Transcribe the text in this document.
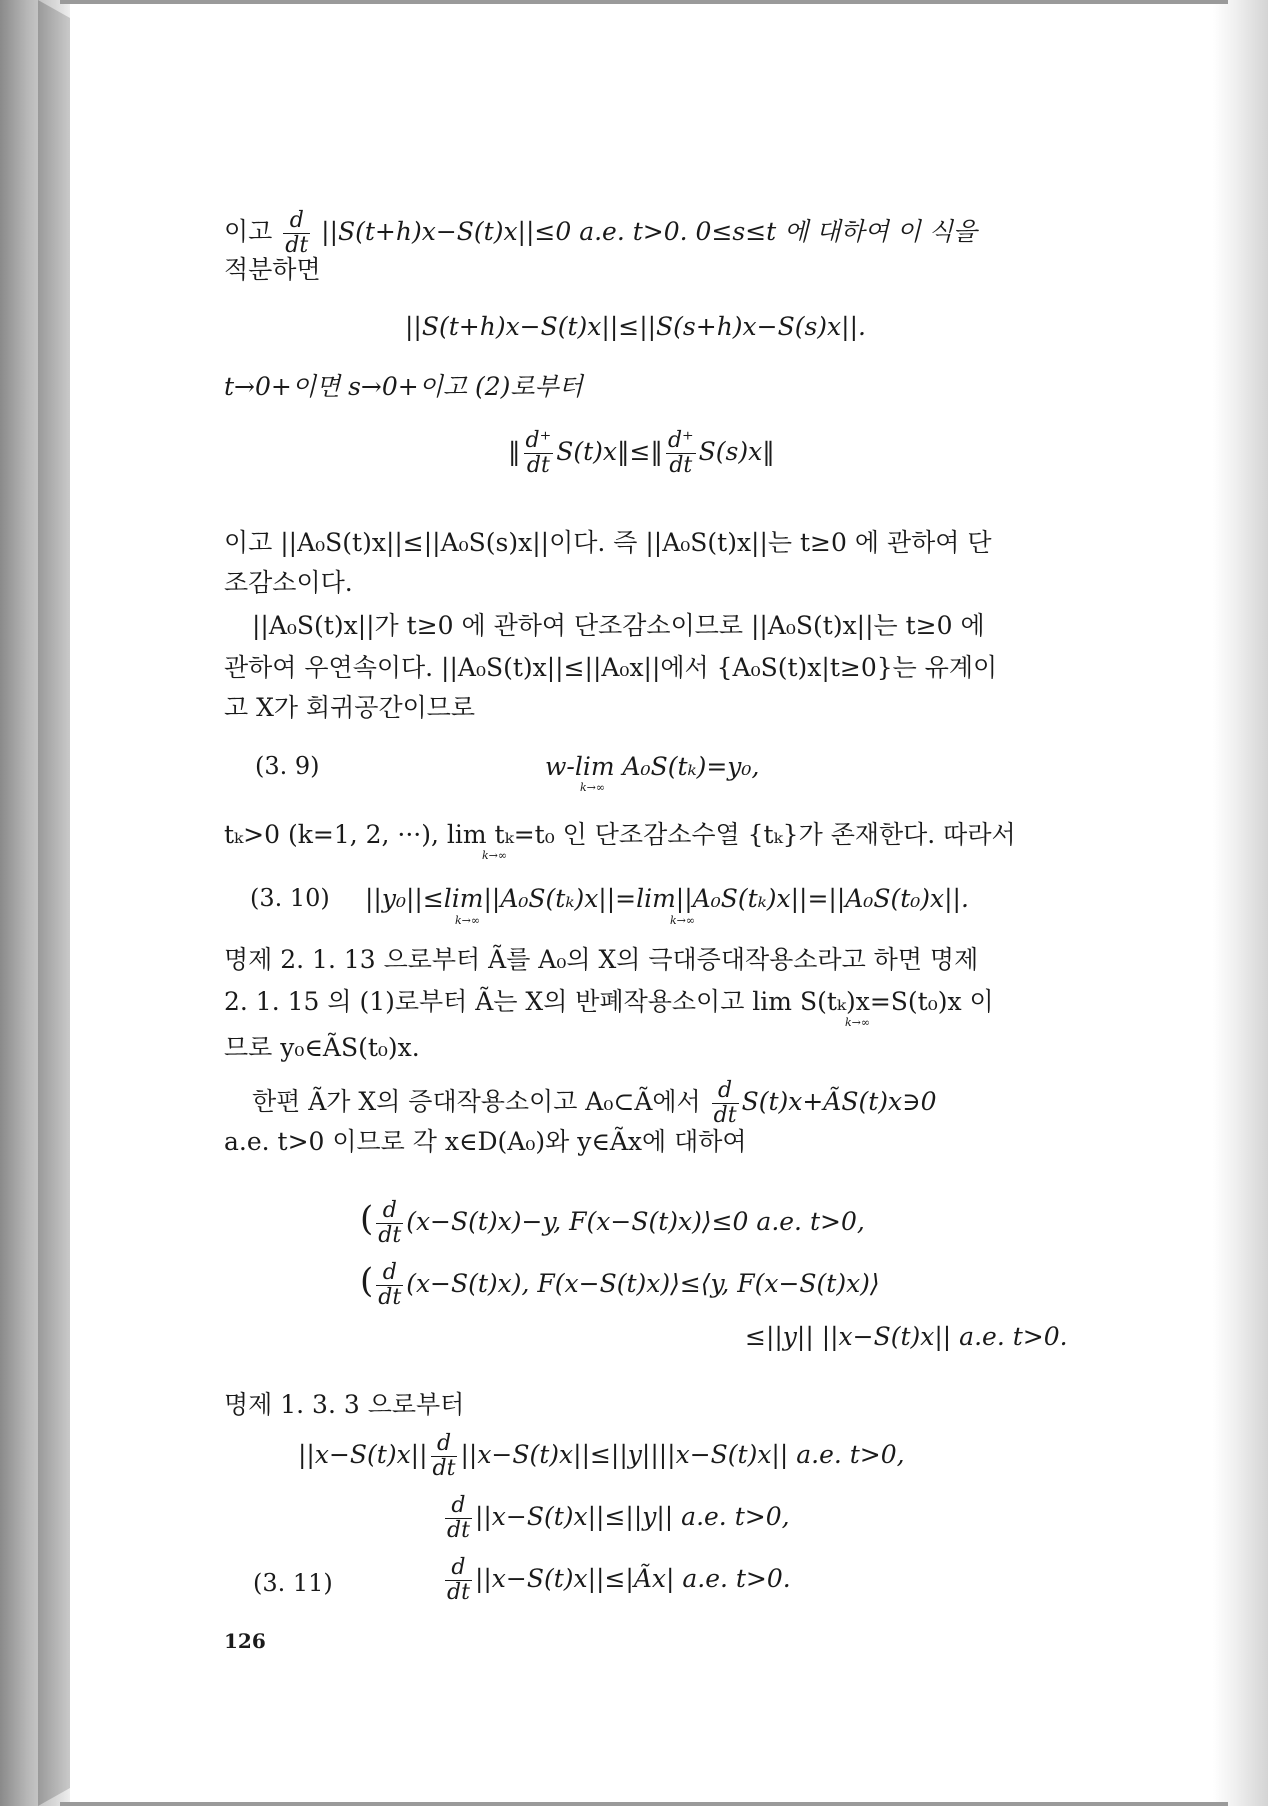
이고 $\frac{d}{dt} ||S(t+h)x-S(t)x||\le 0$ a.e. t>0. 0≤s≤t 에 대하여 이 식을
적분하면
||S(t+h)x−S(t)x||≤||S(s+h)x−S(s)x||.
t→0+이면 s→0+이고 (2)로부터
‖ $\frac{d^+}{dt}$ S(t)x‖≤‖ $\frac{d^+}{dt}$ S(s)x‖
이고 ||A₀S(t)x||≤||A₀S(s)x||이다. 즉 ||A₀S(t)x||는 t≥0 에 관하여 단
조감소이다.
||A₀S(t)x||가 t≥0 에 관하여 단조감소이므로 ||A₀S(t)x||는 t≥0 에
관하여 우연속이다. ||A₀S(t)x||≤||A₀x||에서 {A₀S(t)x|t≥0}는 유계이
고 X가 회귀공간이므로
(3. 9)	w-lim A₀S(tₖ)=y₀,
k→∞
tₖ>0 (k=1, 2, ···), lim tₖ=t₀ 인 단조감소수열 {tₖ}가 존재한다. 따라서
k→∞
(3. 10) ||y₀||≤lim||A₀S(tₖ)x||=lim||A₀S(tₖ)x||=||A₀S(t₀)x||.
k→∞	k→∞
명제 2. 1. 13 으로부터 Ã를 A₀의 X의 극대증대작용소라고 하면 명제
2. 1. 15 의 (1)로부터 Ã는 X의 반폐작용소이고 lim S(tₖ)x=S(t₀)x 이
k→∞
므로 y₀∈ÃS(t₀)x.
한편 Ã가 X의 증대작용소이고 A₀⊂Ã에서 $\frac{d}{dt}$ S(t)x+ÃS(t)x∋0
a.e. t>0 이므로 각 x∈D(A₀)와 y∈Ãx에 대하여
( $\frac{d}{dt} (x-S(t)x)-y$, F(x−S(t)x)⟩≤0 a.e. t>0,
( $\frac{d}{dt} (x-S(t)x)$, F(x−S(t)x)⟩≤⟨y, F(x−S(t)x)⟩
≤||y|| ||x−S(t)x|| a.e. t>0.
명제 1. 3. 3 으로부터
$||x-S(t)x|| \frac{d}{dt} ||x-S(t)x||\le||y||||x-S(t)x||$ a.e. t>0,
$\frac{d}{dt} ||x-S(t)x||\le||y||$ a.e. t>0,
(3. 11)	$\frac{d}{dt}$ ||x−S(t)x||≤|Ãx| a.e. t>0.
126
